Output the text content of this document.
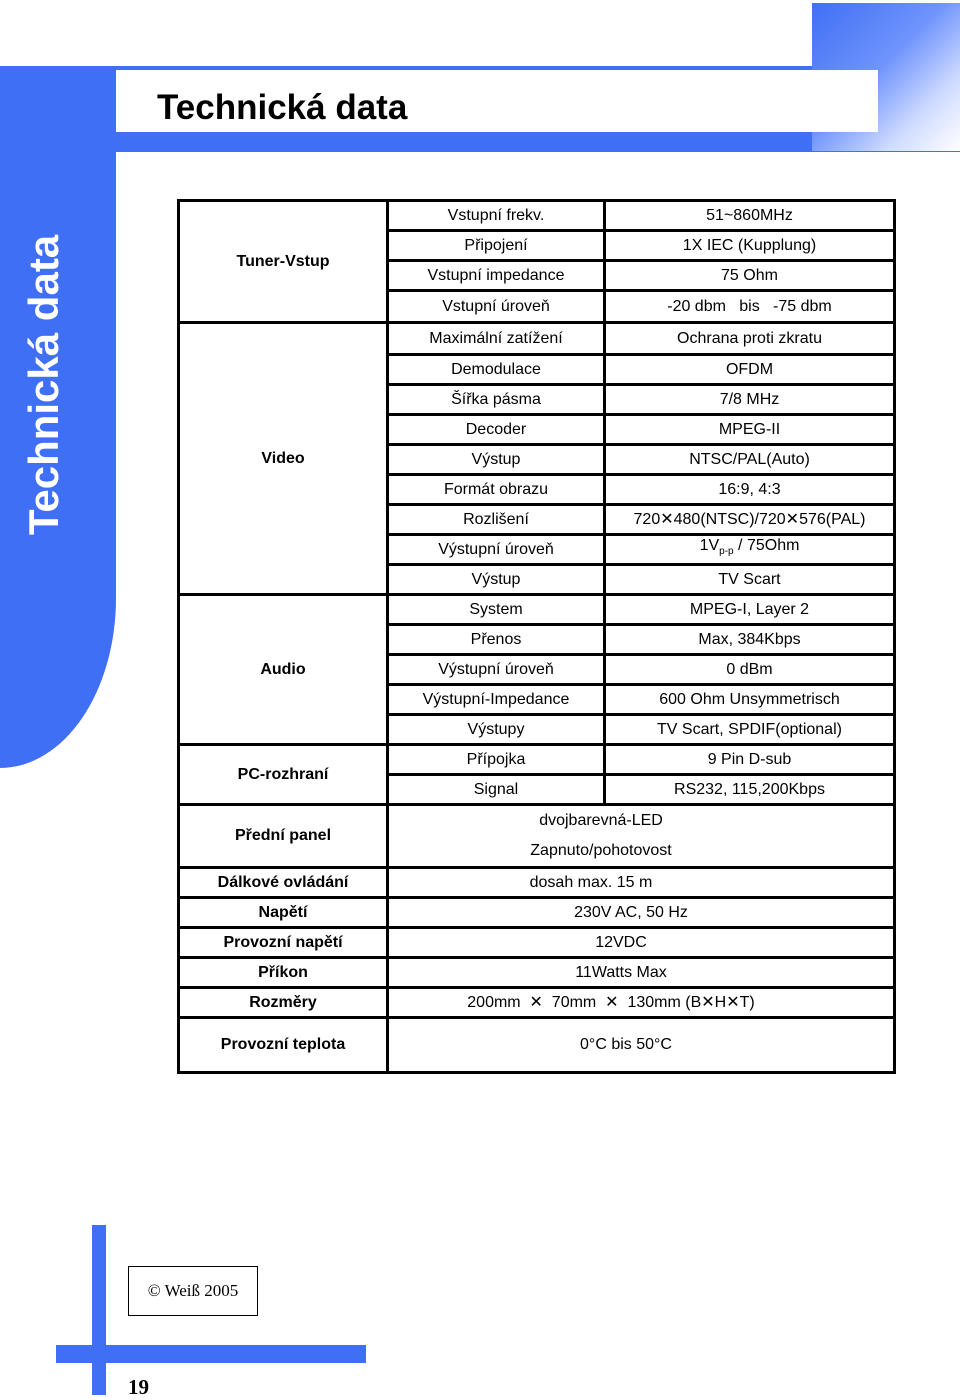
Technická data
Technická data	Tuner-Vstup	Vstupní frekv.	51~860MHz
	Připojení	1X IEC (Kupplung)
	Vstupní impedance	75 Ohm
	Vstupní úroveň	-20 dbm   bis   -75 dbm
Video	Maximální zatížení	Ochrana proti zkratu
	Demodulace	OFDM
	Šířka pásma	7/8 MHz
	Decoder	MPEG-II
	Výstup	NTSC/PAL(Auto)
	Formát obrazu	16:9, 4:3
	Rozlišení	720✕480(NTSC)/720✕576(PAL)
	Výstupní úroveň	$1V_{p-p} / 75Ohm$
	Výstup	TV Scart
Audio	System	MPEG-I, Layer 2
	Přenos	Max, 384Kbps
	Výstupní úroveň	0 dBm
	Výstupní-Impedance	600 Ohm Unsymmetrisch
	Výstupy	TV Scart, SPDIF(optional)
PC-rozhraní	Přípojka	9 Pin D-sub
	Signal	RS232, 115,200Kbps
Přední panel	dvojbarevná-LED
Zapnuto/pohotovost	

Dálkové ovládání	dosah max. 15 m	
Napětí	230V AC, 50 Hz	
Provozní napětí	12VDC	
Příkon	11Watts Max	
Rozměry	200mm  ✕  70mm  ✕  130mm (B✕H✕T)	
Provozní teplota	0°C bis 50°C	
© Weiß 2005
19
